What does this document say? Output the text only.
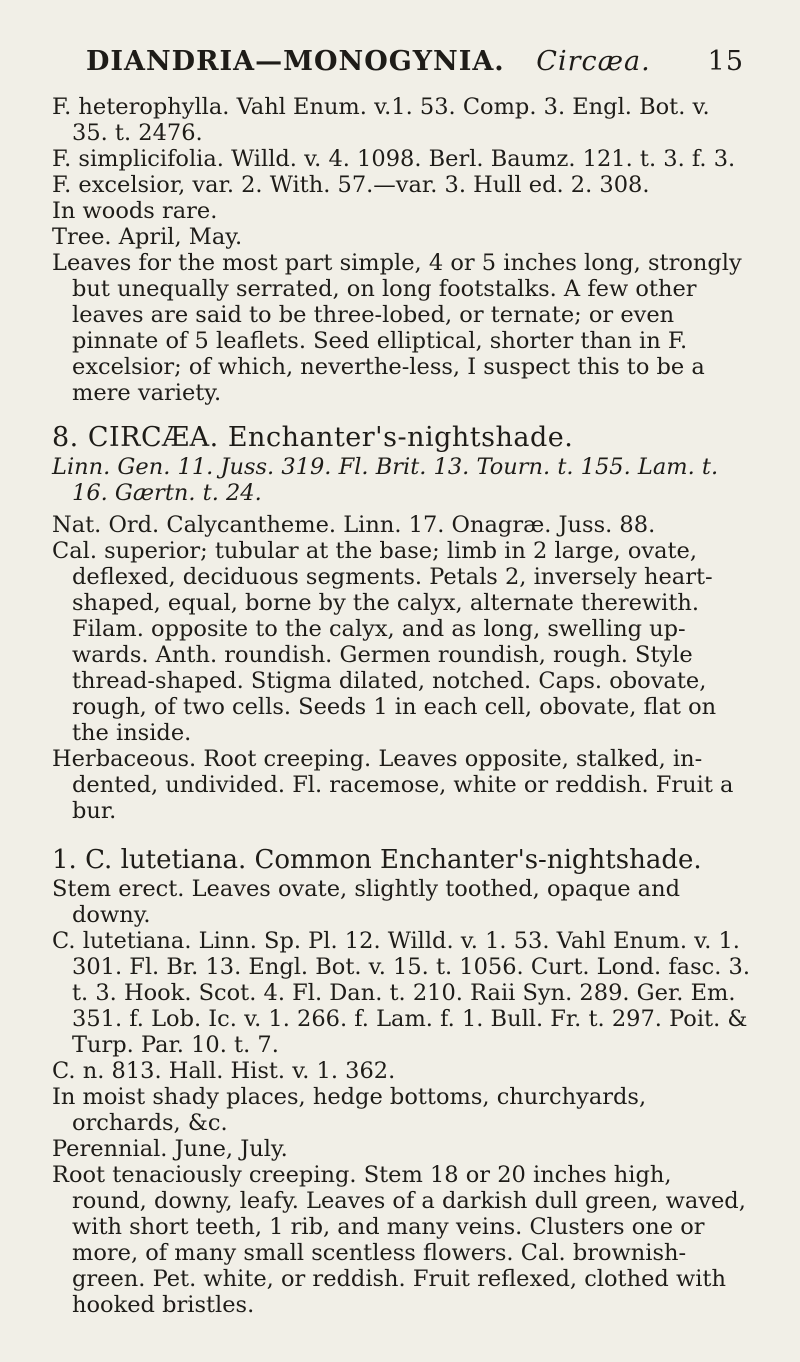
DIANDRIA—MONOGYNIA. Circæa. 15

F. heterophylla. Vahl Enum. v.1. 53. Comp. 3. Engl. Bot. v. 35. t. 2476.

F. simplicifolia. Willd. v. 4. 1098. Berl. Baumz. 121. t. 3. f. 3.

F. excelsior, var. 2. With. 57.—var. 3. Hull ed. 2. 308.

In woods rare.

Tree. April, May.

Leaves for the most part simple, 4 or 5 inches long, strongly but unequally serrated, on long footstalks. A few other leaves are said to be three-lobed, or ternate; or even pinnate of 5 leaflets. Seed elliptical, shorter than in F. excelsior; of which, neverthe-less, I suspect this to be a mere variety.

8. CIRCÆA. Enchanter's-nightshade.

Linn. Gen. 11. Juss. 319. Fl. Brit. 13. Tourn. t. 155. Lam. t. 16. Gærtn. t. 24.

Nat. Ord. Calycantheme. Linn. 17. Onagræ. Juss. 88.

Cal. superior; tubular at the base; limb in 2 large, ovate, deflexed, deciduous segments. Petals 2, inversely heart-shaped, equal, borne by the calyx, alternate therewith. Filam. opposite to the calyx, and as long, swelling up-wards. Anth. roundish. Germen roundish, rough. Style thread-shaped. Stigma dilated, notched. Caps. obovate, rough, of two cells. Seeds 1 in each cell, obovate, flat on the inside.

Herbaceous. Root creeping. Leaves opposite, stalked, in-dented, undivided. Fl. racemose, white or reddish. Fruit a bur.

1. C. lutetiana. Common Enchanter's-nightshade.

Stem erect. Leaves ovate, slightly toothed, opaque and downy.

C. lutetiana. Linn. Sp. Pl. 12. Willd. v. 1. 53. Vahl Enum. v. 1. 301. Fl. Br. 13. Engl. Bot. v. 15. t. 1056. Curt. Lond. fasc. 3. t. 3. Hook. Scot. 4. Fl. Dan. t. 210. Raii Syn. 289. Ger. Em. 351. f. Lob. Ic. v. 1. 266. f. Lam. f. 1. Bull. Fr. t. 297. Poit. & Turp. Par. 10. t. 7.

C. n. 813. Hall. Hist. v. 1. 362.

In moist shady places, hedge bottoms, churchyards, orchards, &c.

Perennial. June, July.

Root tenaciously creeping. Stem 18 or 20 inches high, round, downy, leafy. Leaves of a darkish dull green, waved, with short teeth, 1 rib, and many veins. Clusters one or more, of many small scentless flowers. Cal. brownish-green. Pet. white, or reddish. Fruit reflexed, clothed with hooked bristles.
